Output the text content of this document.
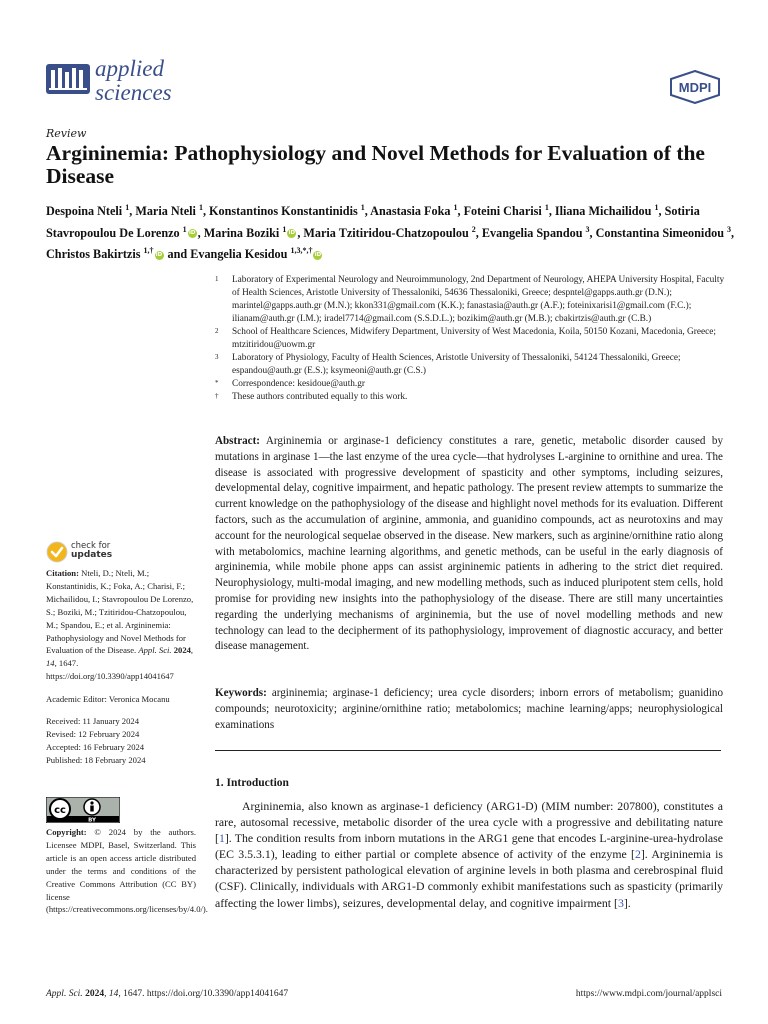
applied
sciences	MDPI
Review
Argininemia: Pathophysiology and Novel Methods for Evaluation of the Disease
Despoina Nteli $^1$, Maria Nteli $^1$, Konstantinos Konstantinidis $^1$, Anastasia Foka $^1$, Foteini Charisi $^1$, Iliana Michailidou $^1$, Sotiria Stavropoulou De Lorenzo $^1$ iD , Marina Boziki $^1$ iD , Maria Tzitiridou-Chatzopoulou $^2$, Evangelia Spandou $^3$, Constantina Simeonidou $^3$, Christos Bakirtzis $^{1,\dagger}$ iD and Evangelia Kesidou $^{1,3,*,\dagger}$ iD
1	Laboratory of Experimental Neurology and Neuroimmunology, 2nd Department of Neurology, AHEPA University Hospital, Faculty of Health Sciences, Aristotle University of Thessaloniki, 54636 Thessaloniki, Greece; despntel@gapps.auth.gr (D.N.); marintel@gapps.auth.gr (M.N.); kkon331@gmail.com (K.K.); fanastasia@auth.gr (A.F.); foteinixarisi1@gmail.com (F.C.); ilianam@auth.gr (I.M.); iradel7714@gmail.com (S.S.D.L.); bozikim@auth.gr (M.B.); cbakirtzis@auth.gr (C.B.)
2	School of Healthcare Sciences, Midwifery Department, University of West Macedonia, Koila, 50150 Kozani, Macedonia, Greece; mtzitiridou@uowm.gr
3	Laboratory of Physiology, Faculty of Health Sciences, Aristotle University of Thessaloniki, 54124 Thessaloniki, Greece; espandou@auth.gr (E.S.); ksymeoni@auth.gr (C.S.)
*	Correspondence: kesidoue@auth.gr
†	These authors contributed equally to this work.
Abstract: Argininemia or arginase-1 deficiency constitutes a rare, genetic, metabolic disorder caused by mutations in arginase 1—the last enzyme of the urea cycle—that hydrolyses L-arginine to ornithine and urea. The disease is associated with progressive development of spasticity and other symptoms, including seizures, developmental delay, cognitive impairment, and hepatic pathology. The present review attempts to summarize the current knowledge on the pathophysiology of the disease and highlight novel methods for its evaluation. Different factors, such as the accumulation of arginine, ammonia, and guanidino compounds, act as neurotoxins and may account for the neurological sequelae observed in the disease. New markers, such as arginine/ornithine ratio along with metabolomics, machine learning algorithms, and genetic methods, can be useful in the early diagnosis of argininemia, while mobile phone apps can assist argininemic patients in adhering to the strict diet required. Neurophysiology, multi-modal imaging, and new modelling methods, such as induced pluripotent stem cells, hold promise for providing new insights into the pathophysiology of the disease. There are still many uncertainties regarding the underlying mechanisms of argininemia, but the use of novel modelling methods and new technology can lead to the decipherment of its pathophysiology, improvement of diagnostic accuracy, and better disease management.
Keywords: argininemia; arginase-1 deficiency; urea cycle disorders; inborn errors of metabolism; guanidino compounds; neurotoxicity; arginine/ornithine ratio; metabolomics; machine learning/apps; neurophysiological examinations
1. Introduction
Argininemia, also known as arginase-1 deficiency (ARG1-D) (MIM number: 207800), constitutes a rare, autosomal recessive, metabolic disorder of the urea cycle with a progressive and debilitating nature [1]. The condition results from inborn mutations in the ARG1 gene that encodes L-arginine-urea-hydrolase (EC 3.5.3.1), leading to either partial or complete absence of activity of the enzyme [2]. Argininemia is characterized by persistent pathological elevation of arginine levels in both plasma and cerebrospinal fluid (CSF). Clinically, individuals with ARG1-D commonly exhibit manifestations such as spasticity (primarily affecting the lower limbs), seizures, developmental delay, and cognitive impairment [3].
check for
updates

Citation: Nteli, D.; Nteli, M.; Konstantinidis, K.; Foka, A.; Charisi, F.; Michailidou, I.; Stavropoulou De Lorenzo, S.; Boziki, M.; Tzitiridou-Chatzopoulou, M.; Spandou, E.; et al. Argininemia: Pathophysiology and Novel Methods for Evaluation of the Disease. Appl. Sci. 2024, 14, 1647. https://doi.org/10.3390/app14041647

Academic Editor: Veronica Mocanu

Received: 11 January 2024

Revised: 12 February 2024

Accepted: 16 February 2024

Published: 18 February 2024

cc
BY
Copyright: © 2024 by the authors. Licensee MDPI, Basel, Switzerland. This article is an open access article distributed under the terms and conditions of the Creative Commons Attribution (CC BY) license (https://creativecommons.org/licenses/by/4.0/).
Appl. Sci. 2024, 14, 1647. https://doi.org/10.3390/app14041647	https://www.mdpi.com/journal/applsci
